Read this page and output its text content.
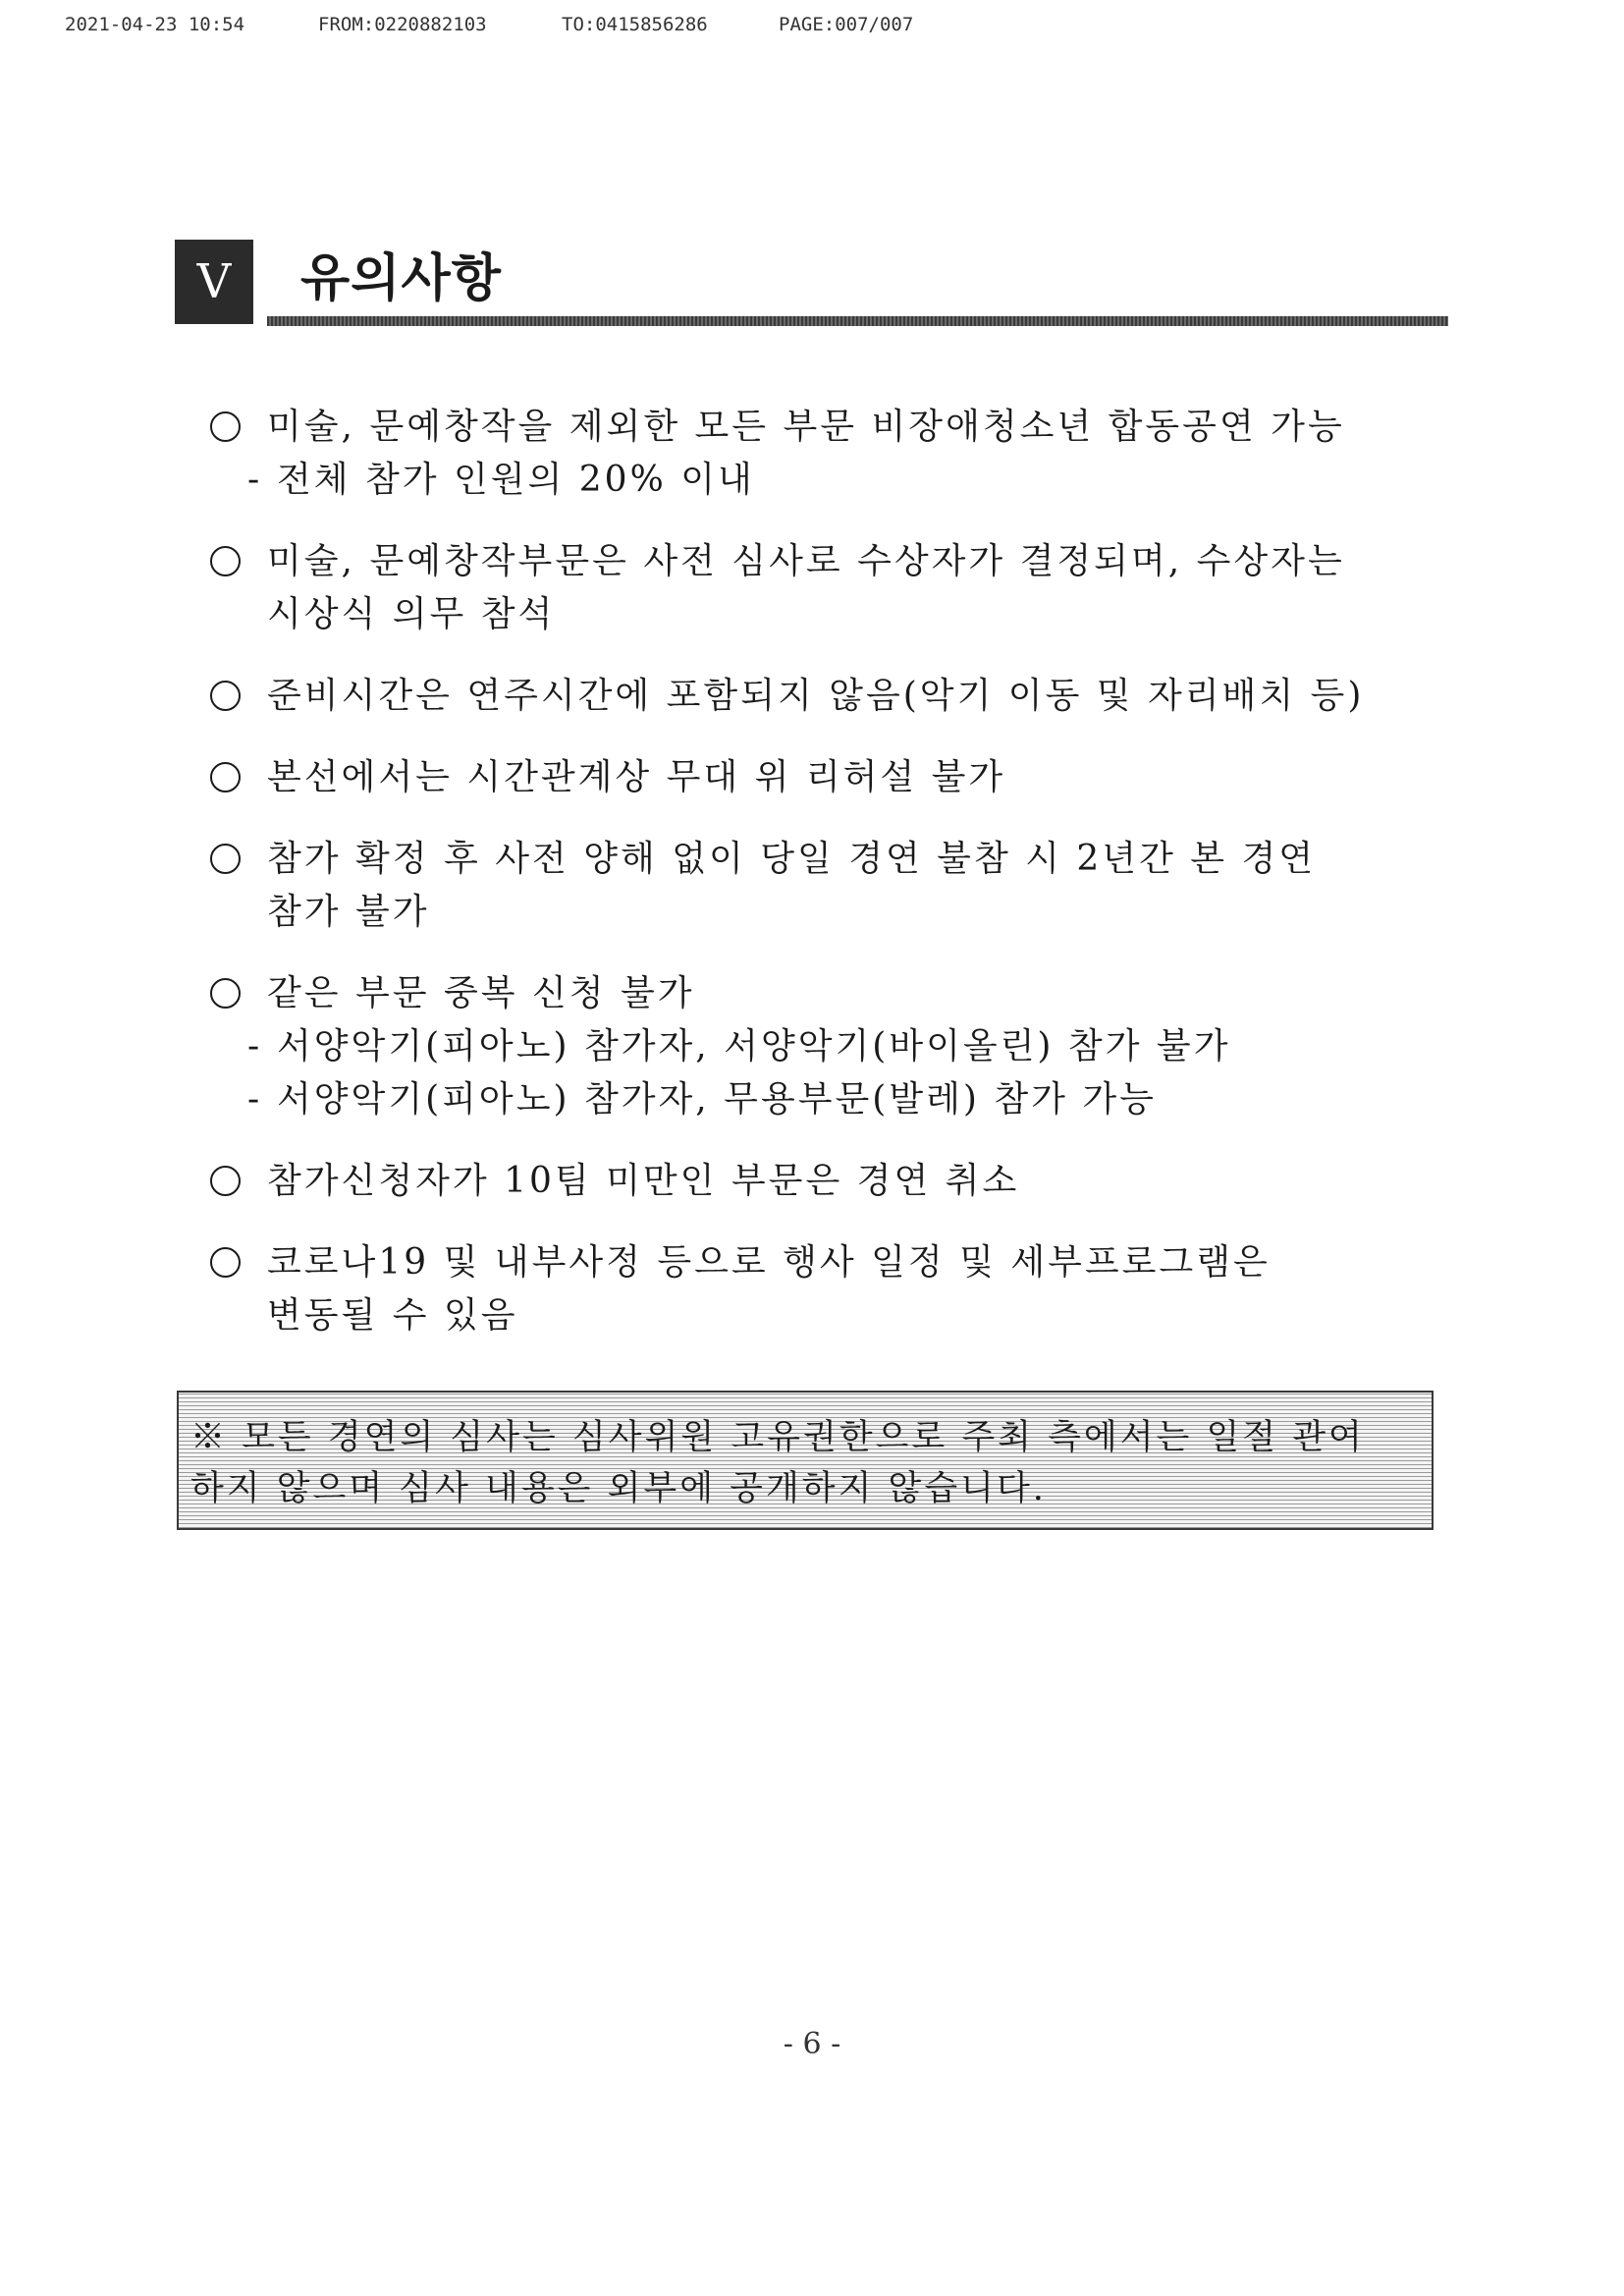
2021-04-23 10:54	FROM:0220882103	TO:0415856286	PAGE:007/007
V	유의사항
미술, 문예창작을 제외한 모든 부문 비장애청소년 합동공연 가능
- 전체 참가 인원의 20% 이내
미술, 문예창작부문은 사전 심사로 수상자가 결정되며, 수상자는
시상식 의무 참석
준비시간은 연주시간에 포함되지 않음(악기 이동 및 자리배치 등)
본선에서는 시간관계상 무대 위 리허설 불가
참가 확정 후 사전 양해 없이 당일 경연 불참 시 2년간 본 경연
참가 불가
같은 부문 중복 신청 불가
- 서양악기(피아노) 참가자, 서양악기(바이올린) 참가 불가
- 서양악기(피아노) 참가자, 무용부문(발레) 참가 가능
참가신청자가 10팀 미만인 부문은 경연 취소
코로나19 및 내부사정 등으로 행사 일정 및 세부프로그램은
변동될 수 있음
※ 모든 경연의 심사는 심사위원 고유권한으로 주최 측에서는 일절 관여
하지 않으며 심사 내용은 외부에 공개하지 않습니다.
- 6 -
